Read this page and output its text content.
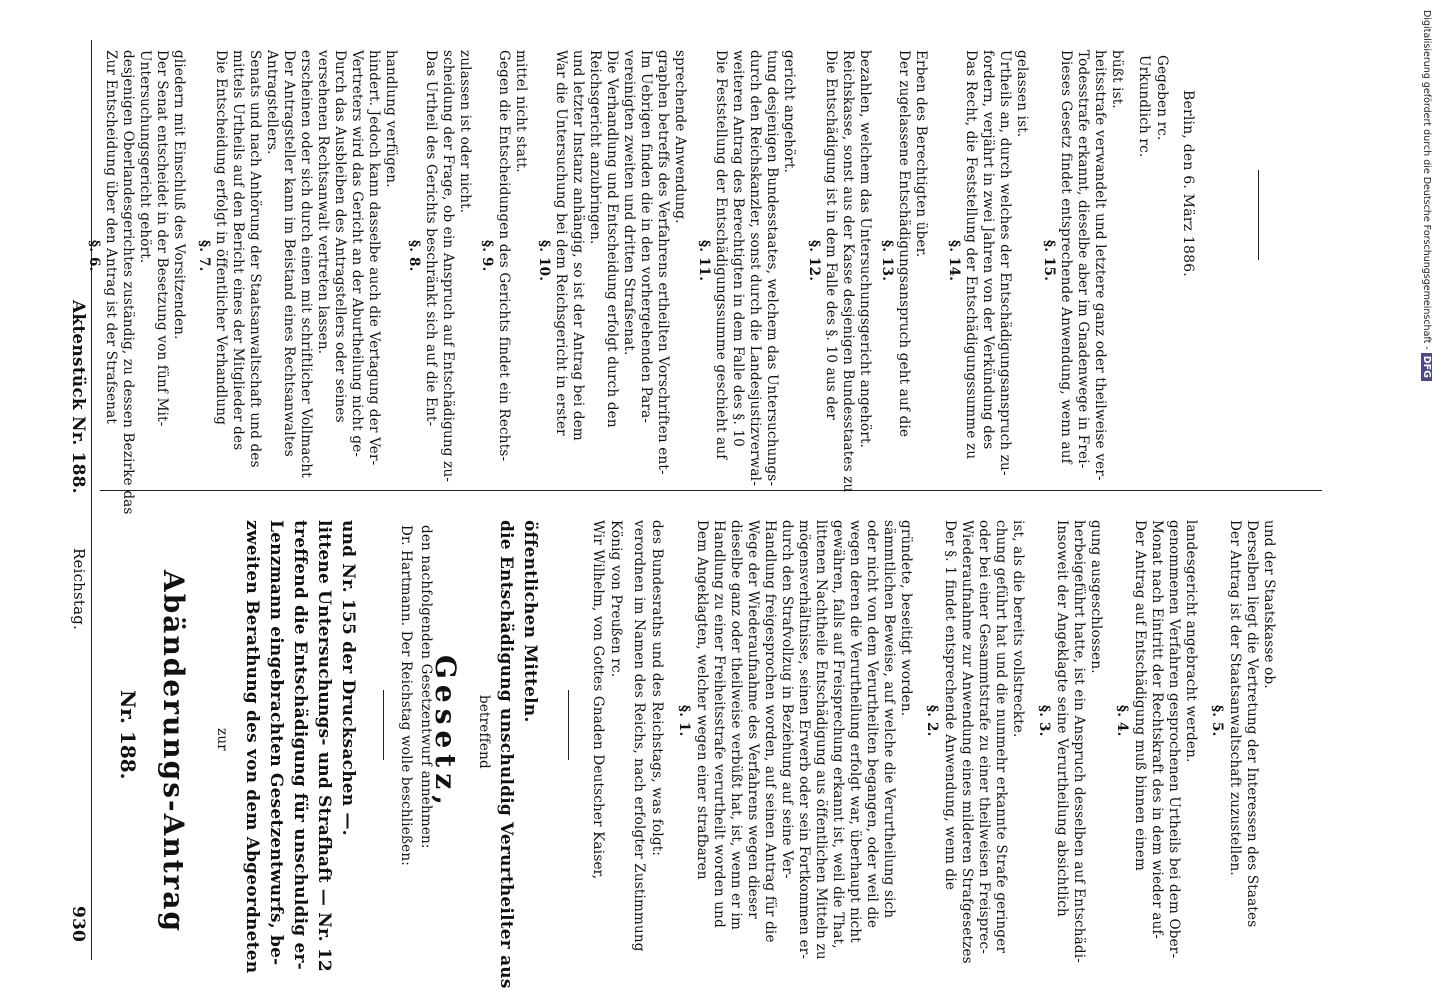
930
Reichstag.
Aktenstück Nr. 188.
Nr. 188. Abänderungs-Antrag zur zweiten Berathung des von dem Abgeordneten Lenzmann eingebrachten Gesetzentwurfs, be- treffend die Entschädigung für unschuldig er- littene Untersuchungs- und Strafhaft — Nr. 12 und Nr. 155 der Drucksachen —.	Dr. Hartmann. Der Reichstag wolle beschließen: den nachfolgenden Gesetzentwurf annehmen:
Gesetz, betreffend die Entschädigung unschuldig Verurtheilter aus öffentlichen Mitteln.	Wir Wilhelm, von Gottes Gnaden Deutscher Kaiser, König von Preußen rc. verordnen im Namen des Reichs, nach erfolgter Zustimmung des Bundesraths und des Reichstags, was folgt: §. 1. Dem Angeklagten, welcher wegen einer strafbaren Handlung zu einer Freiheitsstrafe verurtheilt worden und dieselbe ganz oder theilweise verbüßt hat, ist, wenn er im Wege der Wiederaufnahme des Verfahrens wegen dieser Handlung freigesprochen worden, auf seinen Antrag für die durch den Strafvollzug in Beziehung auf seine Ver- mögensverhältnisse, seinen Erwerb oder sein Fortkommen er- littenen Nachtheile Entschädigung aus öffentlichen Mitteln zu gewähren, falls auf Freisprechung erkannt ist, weil die That, wegen deren die Verurtheilung erfolgt war, überhaupt nicht oder nicht von dem Verurtheilten begangen, oder weil die sämmtlichen Beweise, auf welche die Verurtheilung sich gründete, beseitigt worden.
§. 2. Der §. 1 findet entsprechende Anwendung, wenn die Wiederaufnahme zur Anwendung eines milderen Strafgesetzes oder bei einer Gesammtstrafe zu einer theilweisen Freisprec- chung geführt hat und die nunmehr erkannte Strafe geringer ist, als die bereits vollstreckte. §. 3. Insoweit der Angeklagte seine Verurtheilung absichtlich herbeigeführt hatte, ist ein Anspruch desselben auf Entschädi- gung ausgeschlossen.
§. 4. Der Antrag auf Entschädigung muß binnen einem Monat nach Eintritt der Rechtskraft des in dem wieder auf- genommenen Verfahren gesprochenen Urtheils bei dem Ober- landesgericht angebracht werden. §. 5. Der Antrag ist der Staatsanwaltschaft zuzustellen. Derselben liegt die Vertretung der Interessen des Staates und der Staatskasse ob.
§. 6. Zur Entscheidung über den Antrag ist der Strafsenat desjenigen Oberlandesgerichtes zuständig, zu dessen Bezirke das Untersuchungsgericht gehört. Der Senat entscheidet in der Besetzung von fünf Mit- gliedern mit Einschluß des Vorsitzenden. §. 7. Die Entscheidung erfolgt in öffentlicher Verhandlung mittels Urtheils auf den Bericht eines der Mitglieder des Senats und nach Anhörung der Staatsanwaltschaft und des Antragstellers. Der Antragsteller kann im Beistand eines Rechtsanwaltes erscheinen oder sich durch einen mit schriftlicher Vollmacht versehenen Rechtsanwalt vertreten lassen. Durch das Ausbleiben des Antragstellers oder seines Vertreters wird das Gericht an der Aburtheilung nicht ge- hindert. Jedoch kann dasselbe auch die Vertagung der Ver- handlung verfügen.
§. 8. Das Urtheil des Gerichts beschränkt sich auf die Ent- scheidung der Frage, ob ein Anspruch auf Entschädigung zu- zulassen ist oder nicht.
§. 9. Gegen die Entscheidungen des Gerichts findet ein Rechts- mittel nicht statt.
§. 10. War die Untersuchung bei dem Reichsgericht in erster und letzter Instanz anhängig, so ist der Antrag bei dem Reichsgericht anzubringen. Die Verhandlung und Entscheidung erfolgt durch den vereinigten zweiten und dritten Strafsenat. Im Uebrigen finden die in den vorhergehenden Para- graphen betreffs des Verfahrens ertheilten Vorschriften ent- sprechende Anwendung.
§. 11. Die Feststellung der Entschädigungssumme geschieht auf weiteren Antrag des Berechtigten in dem Falle des §. 10 durch den Reichskanzler, sonst durch die Landesjustizverwal- tung desjenigen Bundesstaates, welchem das Untersuchungs- gericht angehört.
§. 12. Die Entschädigung ist in dem Falle des §. 10 aus der Reichskasse, sonst aus der Kasse desjenigen Bundesstaates zu bezahlen, welchem das Untersuchungsgericht angehört. §. 13. Der zugelassene Entschädigungsanspruch geht auf die Erben des Berechtigten über.
§. 14. Das Recht, die Feststellung der Entschädigungssumme zu fordern, verjährt in zwei Jahren von der Verkündung des Urtheils an, durch welches der Entschädigungsanspruch zu- gelassen ist.
§. 15. Dieses Gesetz findet entsprechende Anwendung, wenn auf Todesstrafe erkannt, dieselbe aber im Gnadenwege in Frei- heitsstrafe verwandelt und letztere ganz oder theilweise ver- büßt ist. Urkundlich rc. Gegeben rc. Berlin, den 6. März 1886.	Digitalisierung gefördert durch die Deutsche Forschungsgemeinschaft - DFG
